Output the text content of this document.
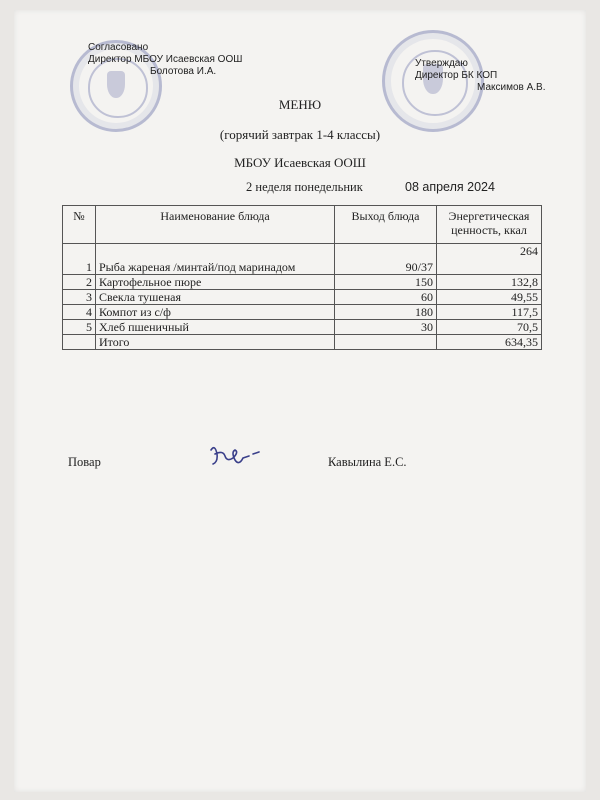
Согласовано
Директор МБОУ Исаевская ООШ
Болотова И.А.
Утверждаю
Директор БК КОП
Максимов А.В.
МЕНЮ
(горячий завтрак 1-4 классы)
МБОУ Исаевская ООШ
2 неделя понедельник	08 апреля 2024
№	Наименование блюда	Выход блюда	Энергетическая ценность, ккал
1	Рыба жареная /минтай/под маринадом	90/37	264
2	Картофельное пюре	150	132,8
3	Свекла тушеная	60	49,55
4	Компот из с/ф	180	117,5
5	Хлеб пшеничный	30	70,5
	Итого		634,35
Повар	Кавылина Е.С.
